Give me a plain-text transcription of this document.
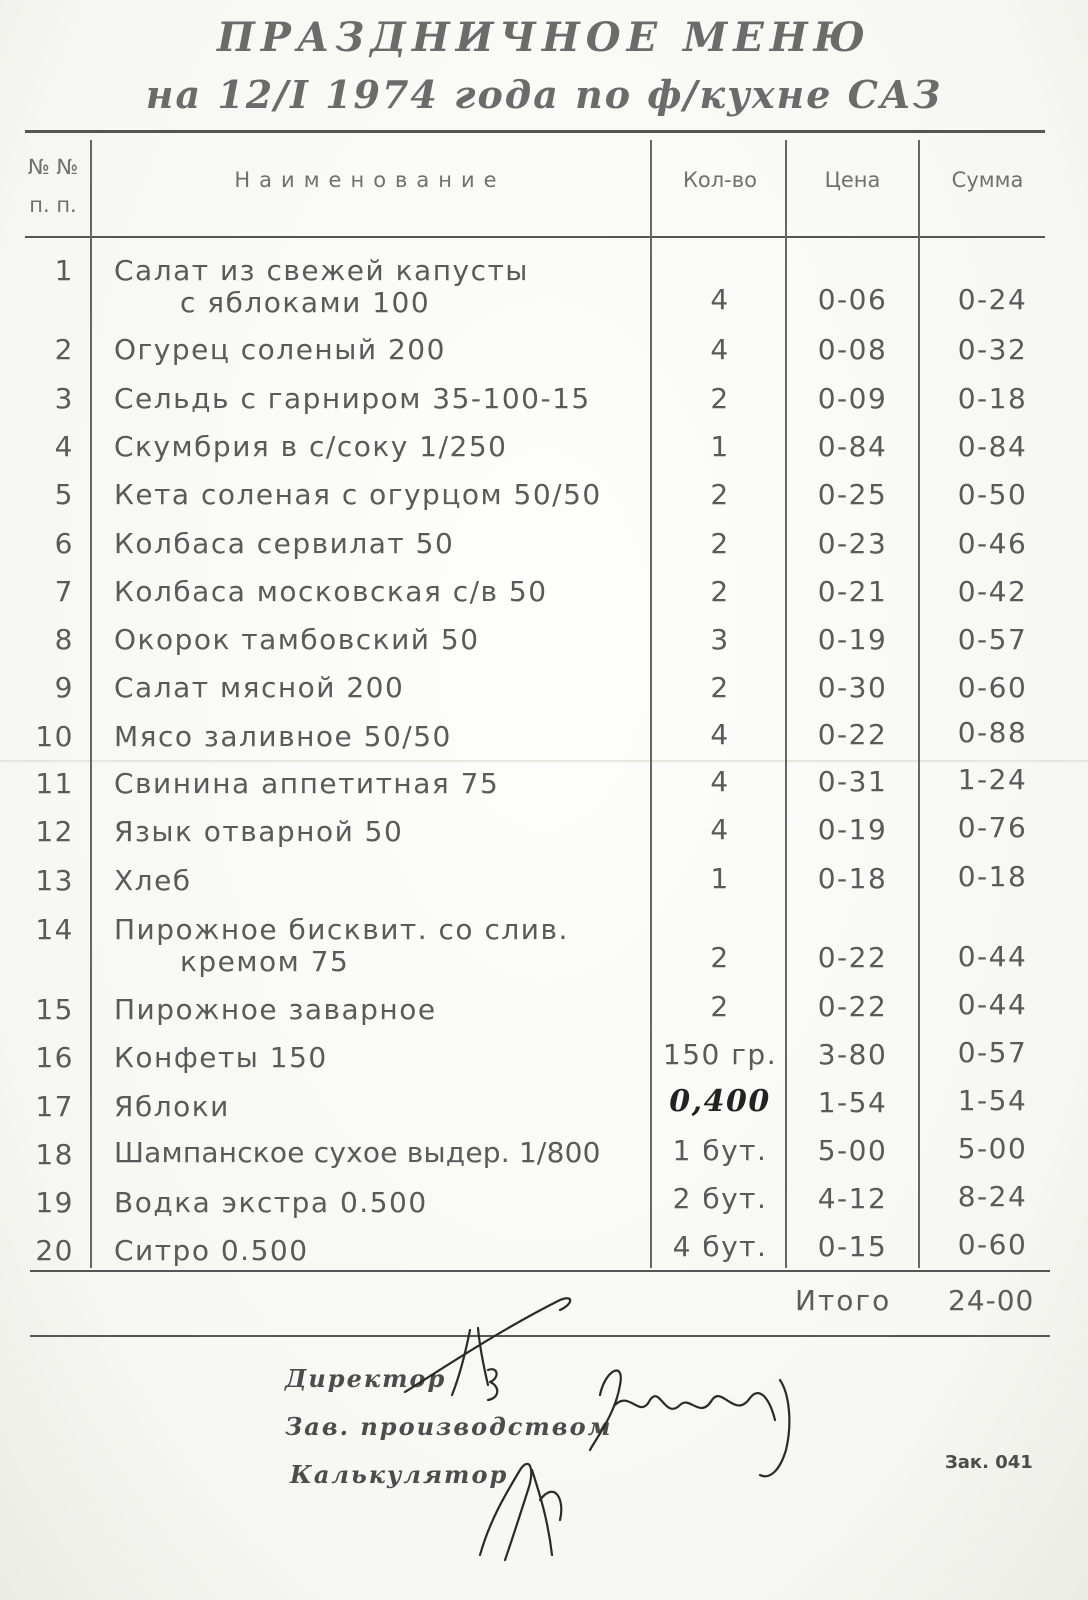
ПРАЗДНИЧНОЕ МЕНЮ
на 12/I 1974 года по ф/кухне САЗ
№ №
п. п.
Наименование	Кол-во	Цена	Сумма
1 Салат из свежей капусты
с яблоками 100	4	0-06	0-24
2 Огурец соленый 200	4	0-08	0-32
3 Сельдь с гарниром 35-100-15	2	0-09	0-18
4 Скумбрия в с/соку 1/250	1	0-84	0-84
5 Кета соленая с огурцом 50/50	2	0-25	0-50
6 Колбаса сервилат 50	2	0-23	0-46
7 Колбаса московская с/в 50	2	0-21	0-42
8 Окорок тамбовский 50	3	0-19	0-57
9 Салат мясной 200	2	0-30	0-60
10 Мясо заливное 50/50	4	0-22	0-88
11 Свинина аппетитная 75	4	0-31	1-24
12 Язык отварной 50	4	0-19	0-76
13 Хлеб	1	0-18	0-18
14 Пирожное бисквит. со слив.
кремом 75	2	0-22	0-44
15 Пирожное заварное	2	0-22	0-44
16 Конфеты 150	150 гр.	3-80	0-57
17 Яблоки	0,400	1-54	1-54
18 Шампанское сухое выдер. 1/800	1 бут.	5-00	5-00
19 Водка экстра 0.500	2 бут.	4-12	8-24
20 Ситро 0.500	4 бут.	0-15	0-60
Итого 24-00
Директор
Зав. производством
Калькулятор	Зак. 041
